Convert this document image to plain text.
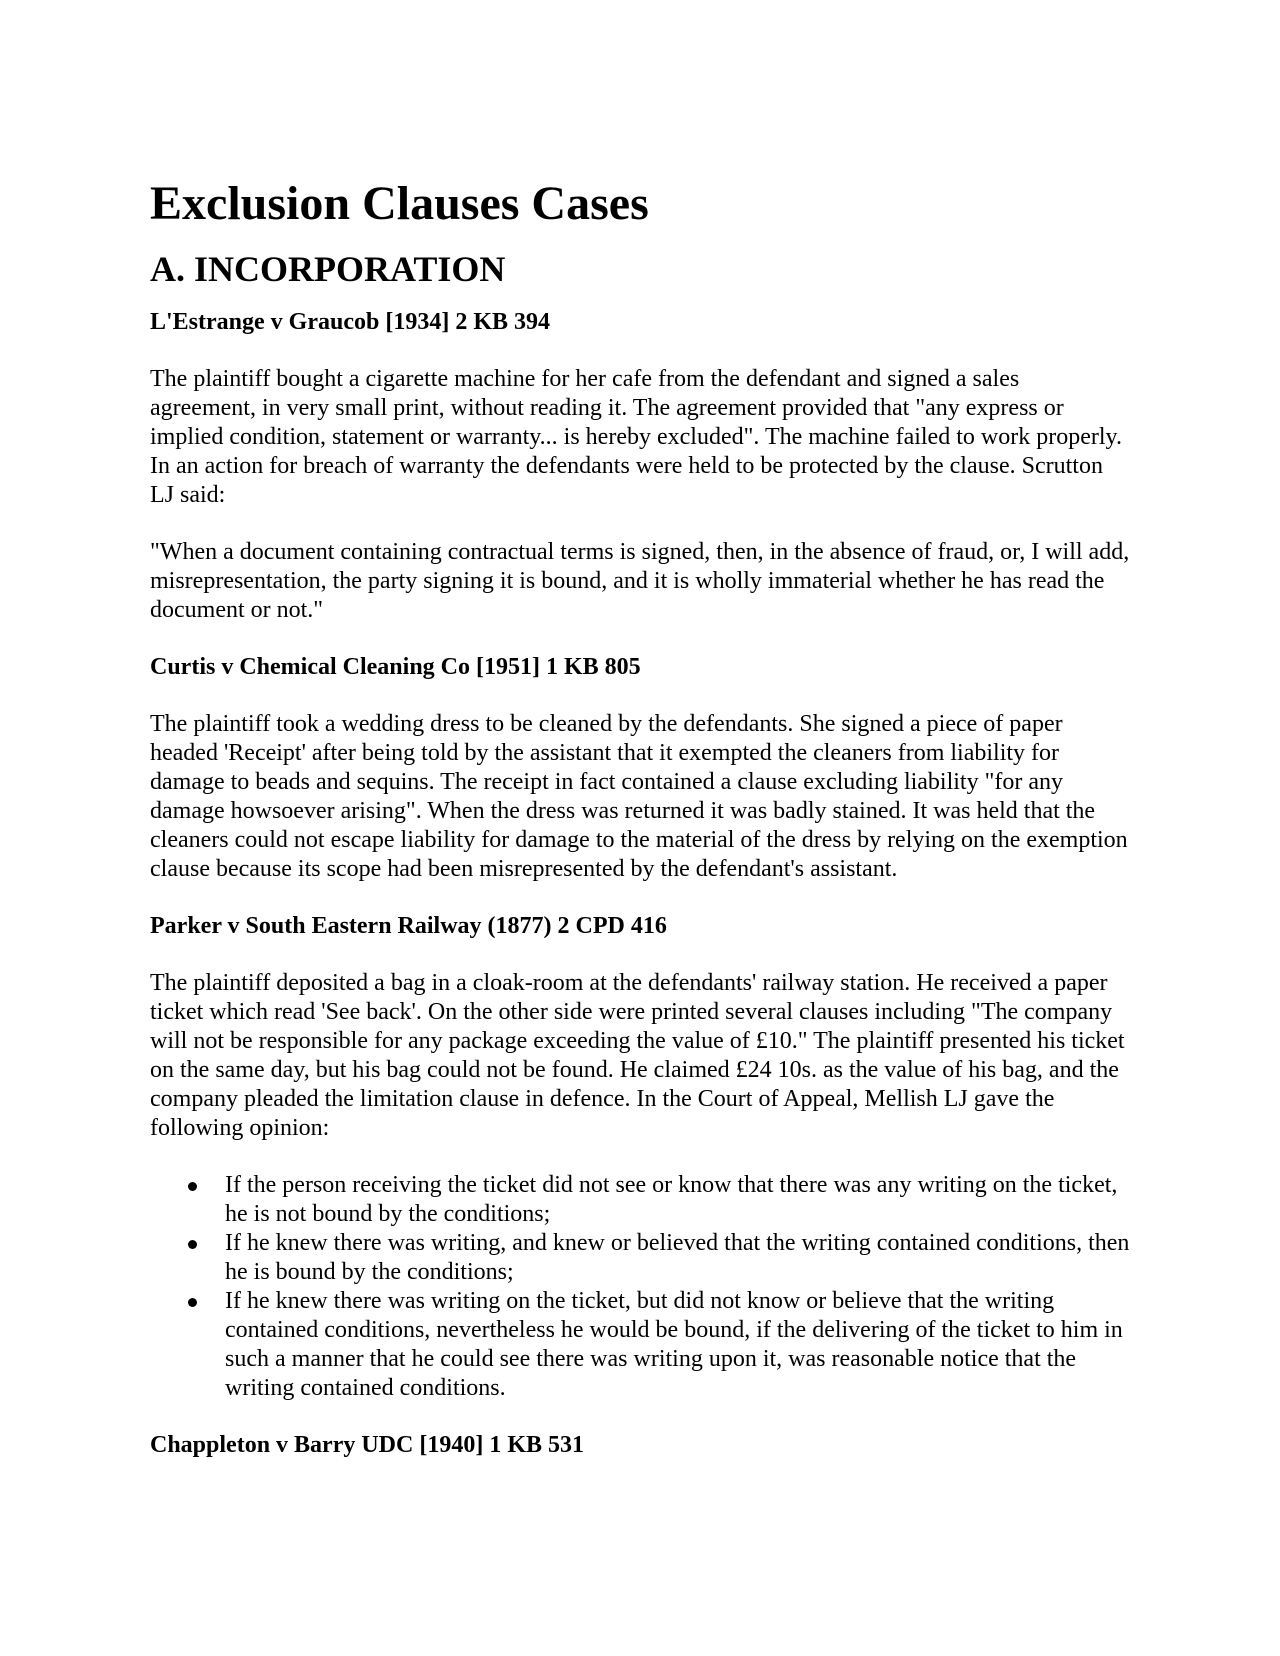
Exclusion Clauses Cases
A. INCORPORATION
L'Estrange v Graucob [1934] 2 KB 394

The plaintiff bought a cigarette machine for her cafe from the defendant and signed a sales agreement, in very small print, without reading it. The agreement provided that "any express or implied condition, statement or warranty... is hereby excluded". The machine failed to work properly. In an action for breach of warranty the defendants were held to be protected by the clause. Scrutton LJ said:

"When a document containing contractual terms is signed, then, in the absence of fraud, or, I will add, misrepresentation, the party signing it is bound, and it is wholly immaterial whether he has read the document or not."

Curtis v Chemical Cleaning Co [1951] 1 KB 805

The plaintiff took a wedding dress to be cleaned by the defendants. She signed a piece of paper headed 'Receipt' after being told by the assistant that it exempted the cleaners from liability for damage to beads and sequins. The receipt in fact contained a clause excluding liability "for any damage howsoever arising". When the dress was returned it was badly stained. It was held that the cleaners could not escape liability for damage to the material of the dress by relying on the exemption clause because its scope had been misrepresented by the defendant's assistant.

Parker v South Eastern Railway (1877) 2 CPD 416

The plaintiff deposited a bag in a cloak-room at the defendants' railway station. He received a paper ticket which read 'See back'. On the other side were printed several clauses including "The company will not be responsible for any package exceeding the value of £10." The plaintiff presented his ticket on the same day, but his bag could not be found. He claimed £24 10s. as the value of his bag, and the company pleaded the limitation clause in defence. In the Court of Appeal, Mellish LJ gave the following opinion:

If the person receiving the ticket did not see or know that there was any writing on the ticket, he is not bound by the conditions;
If he knew there was writing, and knew or believed that the writing contained conditions, then he is bound by the conditions;
If he knew there was writing on the ticket, but did not know or believe that the writing contained conditions, nevertheless he would be bound, if the delivering of the ticket to him in such a manner that he could see there was writing upon it, was reasonable notice that the writing contained conditions.
Chappleton v Barry UDC [1940] 1 KB 531
